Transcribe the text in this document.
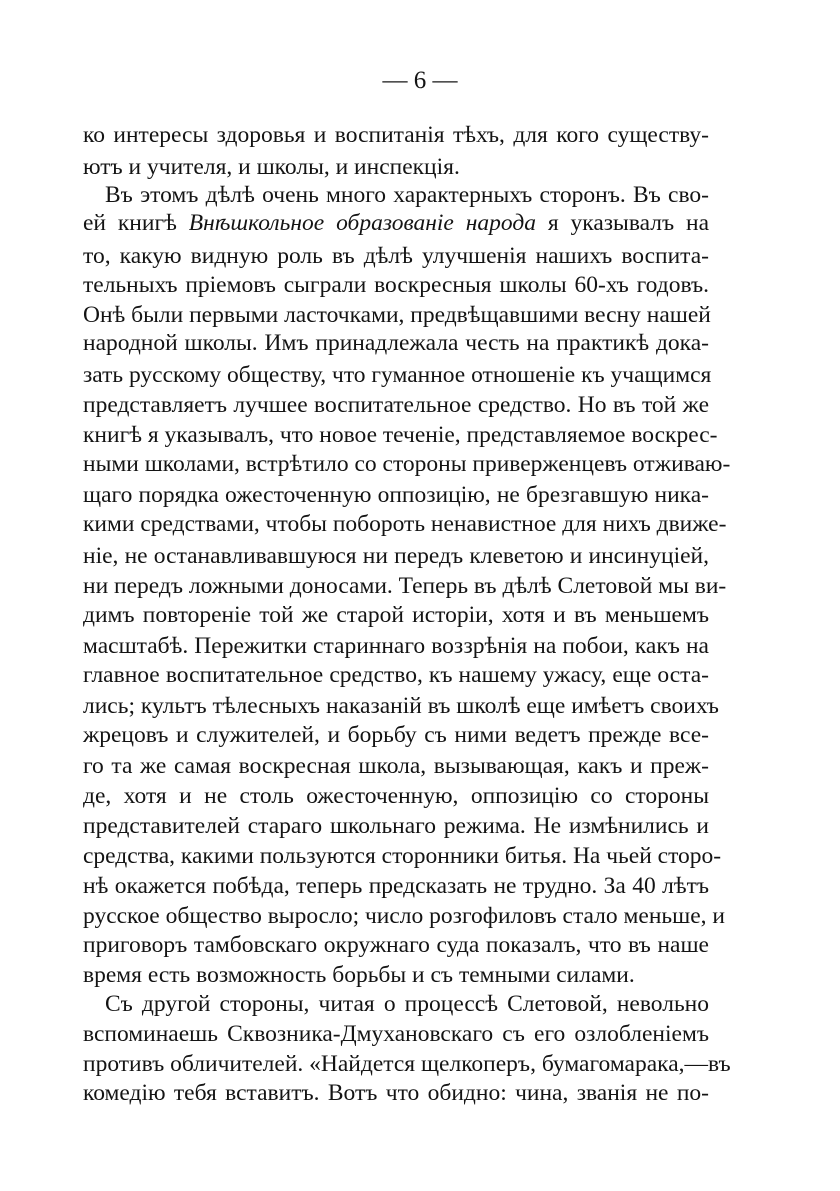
— 6 —
ко интересы здоровья и воспитанія тѣхъ, для кого существу-
ютъ и учителя, и школы, и инспекція.
Въ этомъ дѣлѣ очень много характерныхъ сторонъ. Въ сво-
ей книгѣ Внѣшкольное образованіе народа я указывалъ на
то, какую видную роль въ дѣлѣ улучшенія нашихъ воспита-
тельныхъ пріемовъ сыграли воскресныя школы 60-хъ годовъ.
Онѣ были первыми ласточками, предвѣщавшими весну нашей
народной школы. Имъ принадлежала честь на практикѣ дока-
зать русскому обществу, что гуманное отношеніе къ учащимся
представляетъ лучшее воспитательное средство. Но въ той же
книгѣ я указывалъ, что новое теченіе, представляемое воскрес-
ными школами, встрѣтило со стороны приверженцевъ отживаю-
щаго порядка ожесточенную оппозицію, не брезгавшую ника-
кими средствами, чтобы побороть ненавистное для нихъ движе-
ніе, не останавливавшуюся ни передъ клеветою и инсинуцiей,
ни передъ ложными доносами. Теперь въ дѣлѣ Слетовой мы ви-
димъ повтореніе той же старой исторіи, хотя и въ меньшемъ
масштабѣ. Пережитки стариннаго воззрѣнія на побои, какъ на
главное воспитательное средство, къ нашему ужасу, еще оста-
лись; культъ тѣлесныхъ наказаній въ школѣ еще имѣетъ своихъ
жрецовъ и служителей, и борьбу съ ними ведетъ прежде все-
го та же самая воскресная школа, вызывающая, какъ и преж-
де, хотя и не столь ожесточенную, оппозицію со стороны
представителей стараго школьнаго режима. Не измѣнились и
средства, какими пользуются сторонники битья. На чьей сторо-
нѣ окажется побѣда, теперь предсказать не трудно. За 40 лѣтъ
русское общество выросло; число розгофиловъ стало меньше, и
приговоръ тамбовскаго окружнаго суда показалъ, что въ наше
время есть возможность борьбы и съ темными силами.
Съ другой стороны, читая о процессѣ Слетовой, невольно
вспоминаешь Сквозника-Дмухановскаго съ его озлобленіемъ
противъ обличителей. «Найдется щелкоперъ, бумагомарака,—въ
комедію тебя вставитъ. Вотъ что обидно: чина, званія не по-
